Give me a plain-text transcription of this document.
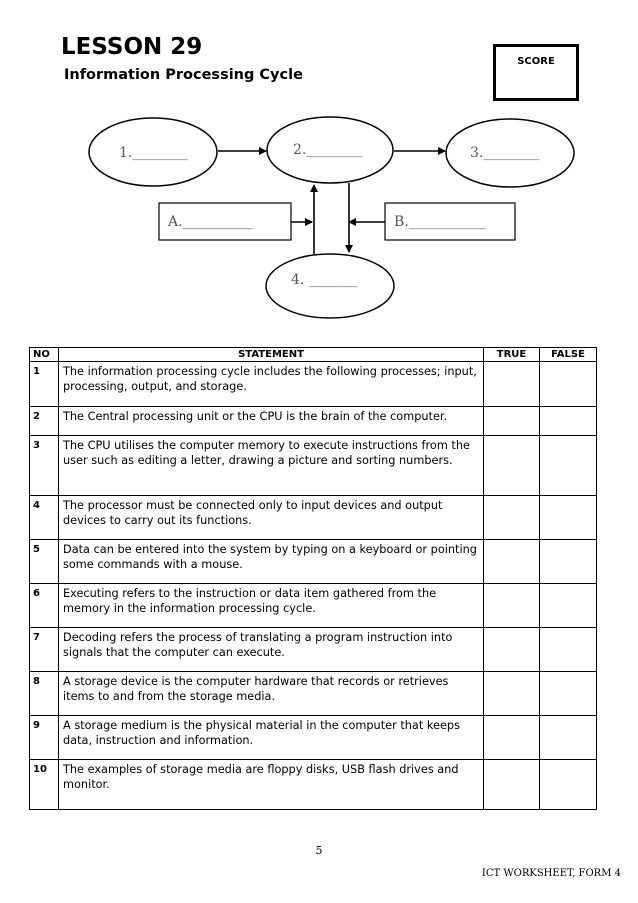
LESSON 29
Information Processing Cycle
SCORE
1.________	2.________	3.________
4. _______
A.__________	B.___________
NO	STATEMENT	TRUE	FALSE
1	The information processing cycle includes the following processes; input, processing, output, and storage.		
2	The Central processing unit or the CPU is the brain of the computer.		
3	The CPU utilises the computer memory to execute instructions from the user such as editing a letter, drawing a picture and sorting numbers.		
4	The processor must be connected only to input devices and output devices to carry out its functions.		
5	Data can be entered into the system by typing on a keyboard or pointing some commands with a mouse.		
6	Executing refers to the instruction or data item gathered from the memory in the information processing cycle.		
7	Decoding refers the process of translating a program instruction into signals that the computer can execute.		
8	A storage device is the computer hardware that records or retrieves items to and from the storage media.		
9	A storage medium is the physical material in the computer that keeps data, instruction and information.		
10	The examples of storage media are floppy disks, USB flash drives and monitor.		
5
ICT WORKSHEET, FORM 4
